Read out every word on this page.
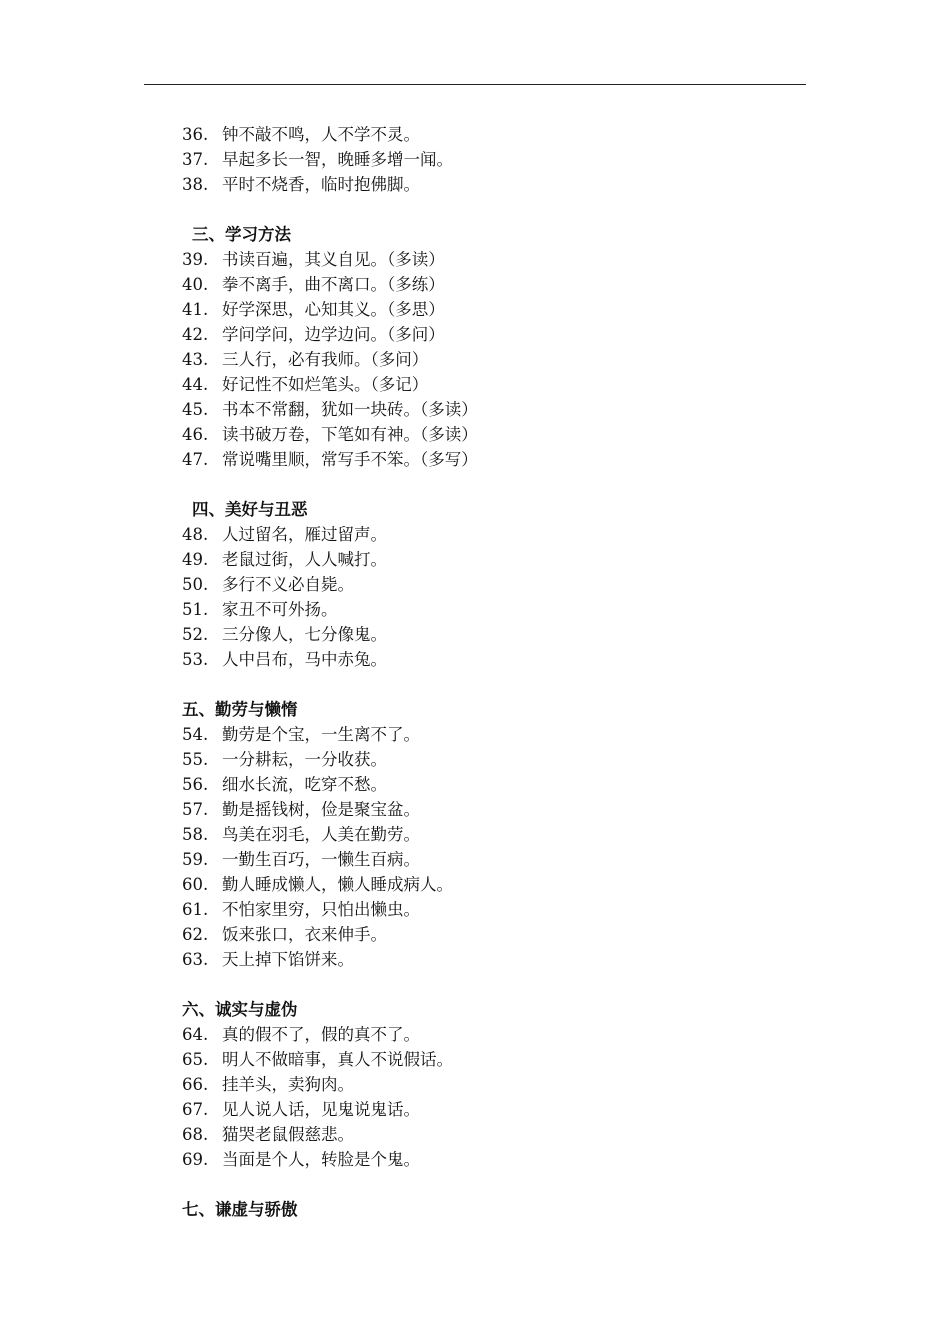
36. 钟不敲不鸣，人不学不灵。
37. 早起多长一智，晚睡多增一闻。
38. 平时不烧香，临时抱佛脚。
三、学习方法
39. 书读百遍，其义自见。（多读）
40. 拳不离手，曲不离口。（多练）
41. 好学深思，心知其义。（多思）
42. 学问学问，边学边问。（多问）
43. 三人行，必有我师。（多问）
44. 好记性不如烂笔头。（多记）
45. 书本不常翻，犹如一块砖。（多读）
46. 读书破万卷，下笔如有神。（多读）
47. 常说嘴里顺，常写手不笨。（多写）
四、美好与丑恶
48. 人过留名，雁过留声。
49. 老鼠过街，人人喊打。
50. 多行不义必自毙。
51. 家丑不可外扬。
52. 三分像人，七分像鬼。
53. 人中吕布，马中赤兔。
五、勤劳与懒惰
54. 勤劳是个宝，一生离不了。
55. 一分耕耘，一分收获。
56. 细水长流，吃穿不愁。
57. 勤是摇钱树，俭是聚宝盆。
58. 鸟美在羽毛，人美在勤劳。
59. 一勤生百巧，一懒生百病。
60. 勤人睡成懒人，懒人睡成病人。
61. 不怕家里穷，只怕出懒虫。
62. 饭来张口，衣来伸手。
63. 天上掉下馅饼来。
六、诚实与虚伪
64. 真的假不了，假的真不了。
65. 明人不做暗事，真人不说假话。
66. 挂羊头，卖狗肉。
67. 见人说人话，见鬼说鬼话。
68. 猫哭老鼠假慈悲。
69. 当面是个人，转脸是个鬼。
七、谦虚与骄傲
